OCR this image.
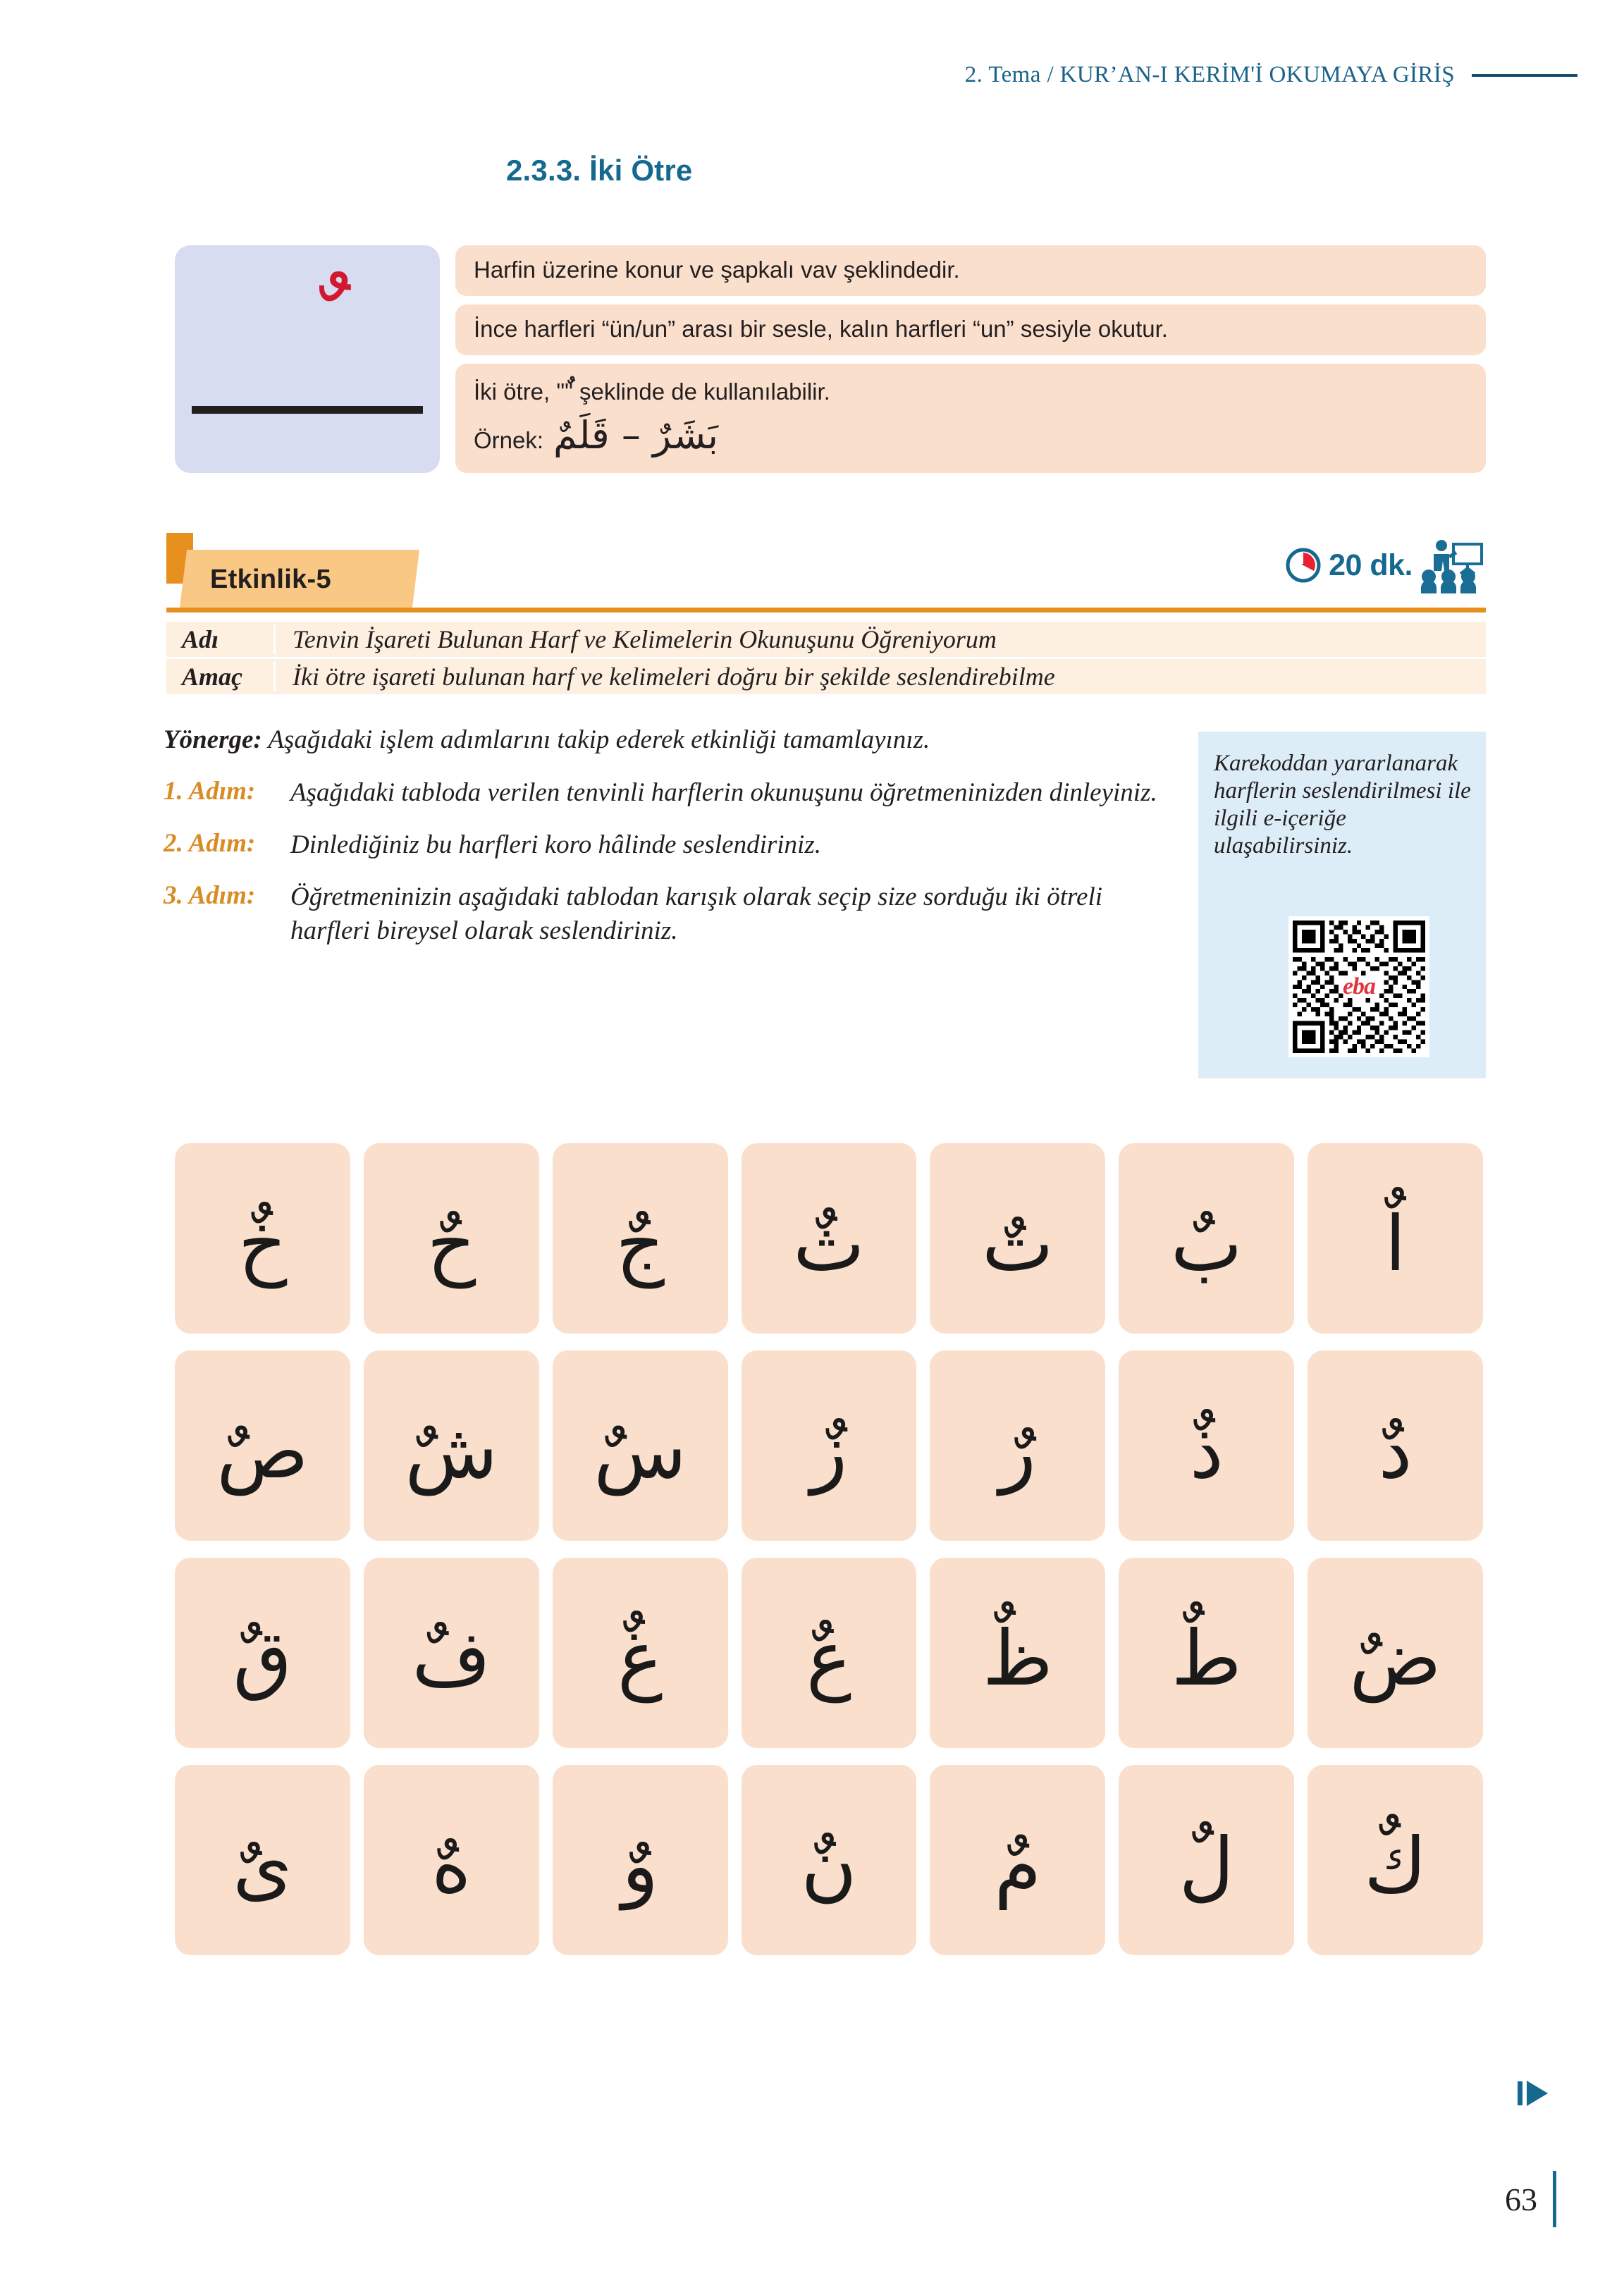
2. Tema / KUR’AN-I KERİM'İ OKUMAYA GİRİŞ
2.3.3. İki Ötre
Harfin üzerine konur ve şapkalı vav şeklindedir.
İnce harfleri “ün/un” arası bir sesle, kalın harfleri “un” sesiyle okutur.
İki ötre, "" şeklinde de kullanılabilir.
Örnek: بَشَرٌ – قَلَمٌ
Etkinlik-5	20 dk.
Adı	Tenvin İşareti Bulunan Harf ve Kelimelerin Okunuşunu Öğreniyorum
Amaç	İki ötre işareti bulunan harf ve kelimeleri doğru bir şekilde seslendirebilme
Yönerge: Aşağıdaki işlem adımlarını takip ederek etkinliği tamamlayınız.
1. Adım:	Aşağıdaki tabloda verilen tenvinli harflerin okunuşunu öğretmeninizden dinleyiniz.
2. Adım:	Dinlediğiniz bu harfleri koro hâlinde seslendiriniz.
3. Adım:	Öğretmeninizin aşağıdaki tablodan karışık olarak seçip size sorduğu iki ötreli harfleri bireysel olarak seslendiriniz.
Karekoddan yararlanarak harflerin seslendirilmesi ile ilgili e-içeriğe ulaşabilirsiniz.
eba
اٌ
بٌ
تٌ
ثٌ
جٌ
حٌ
خٌ
دٌ
ذٌ
رٌ
زٌ
سٌ
شٌ
صٌ
ضٌ
طٌ
ظٌ
عٌ
غٌ
فٌ
قٌ
كٌ
لٌ
مٌ
نٌ
وٌ
هٌ
ىٌ
63
